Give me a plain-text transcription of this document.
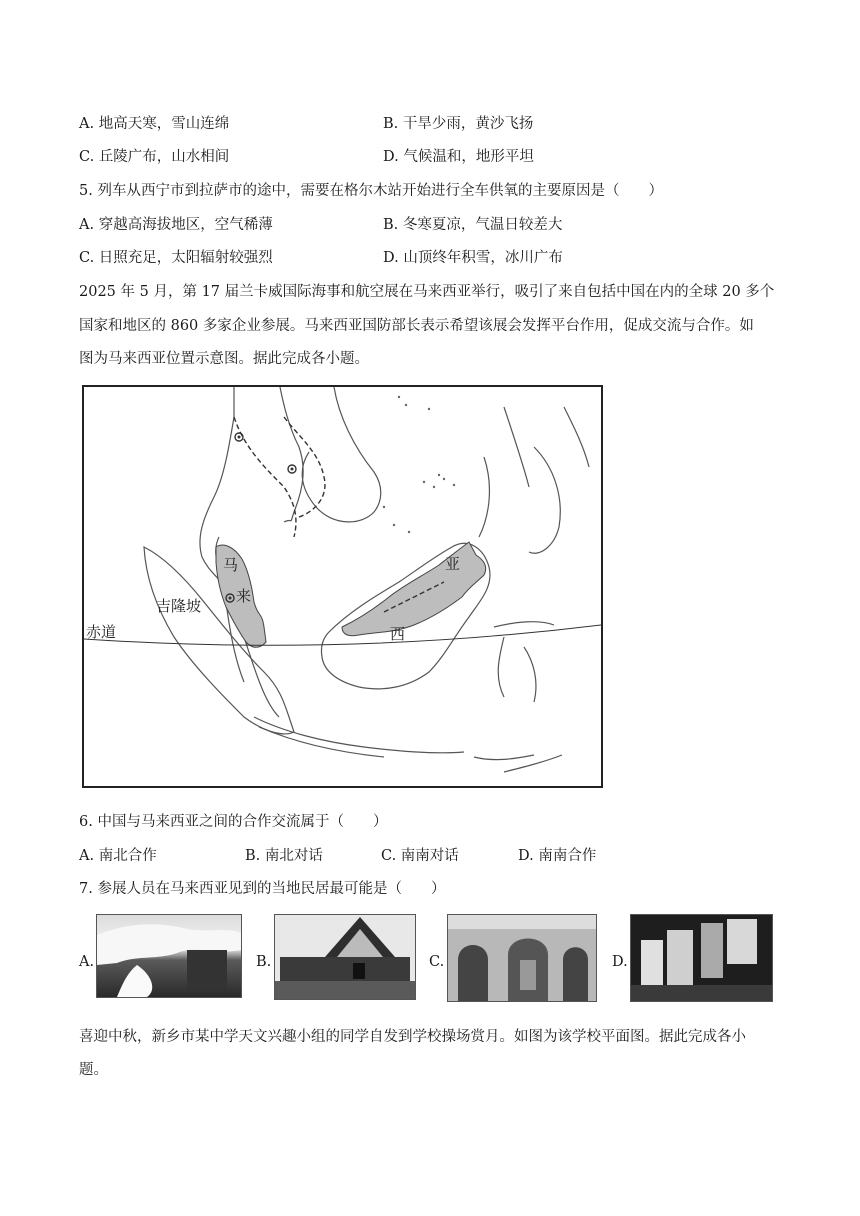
A. 地高天寒，雪山连绵	B. 干旱少雨，黄沙飞扬
C. 丘陵广布，山水相间	D. 气候温和，地形平坦
5. 列车从西宁市到拉萨市的途中，需要在格尔木站开始进行全车供氧的主要原因是（　　）
A. 穿越高海拔地区，空气稀薄	B. 冬寒夏凉，气温日较差大
C. 日照充足，太阳辐射较强烈	D. 山顶终年积雪，冰川广布
2025 年 5 月，第 17 届兰卡威国际海事和航空展在马来西亚举行，吸引了来自包括中国在内的全球 20 多个
国家和地区的 860 多家企业参展。马来西亚国防部长表示希望该展会发挥平台作用，促成交流与合作。如
图为马来西亚位置示意图。据此完成各小题。
马
来
西
亚
吉隆坡
赤道
6. 中国与马来西亚之间的合作交流属于（　　）
A. 南北合作	B. 南北对话	C. 南南对话	D. 南南合作
7. 参展人员在马来西亚见到的当地民居最可能是（　　）
A.	B.	C.	D.
喜迎中秋，新乡市某中学天文兴趣小组的同学自发到学校操场赏月。如图为该学校平面图。据此完成各小
题。
